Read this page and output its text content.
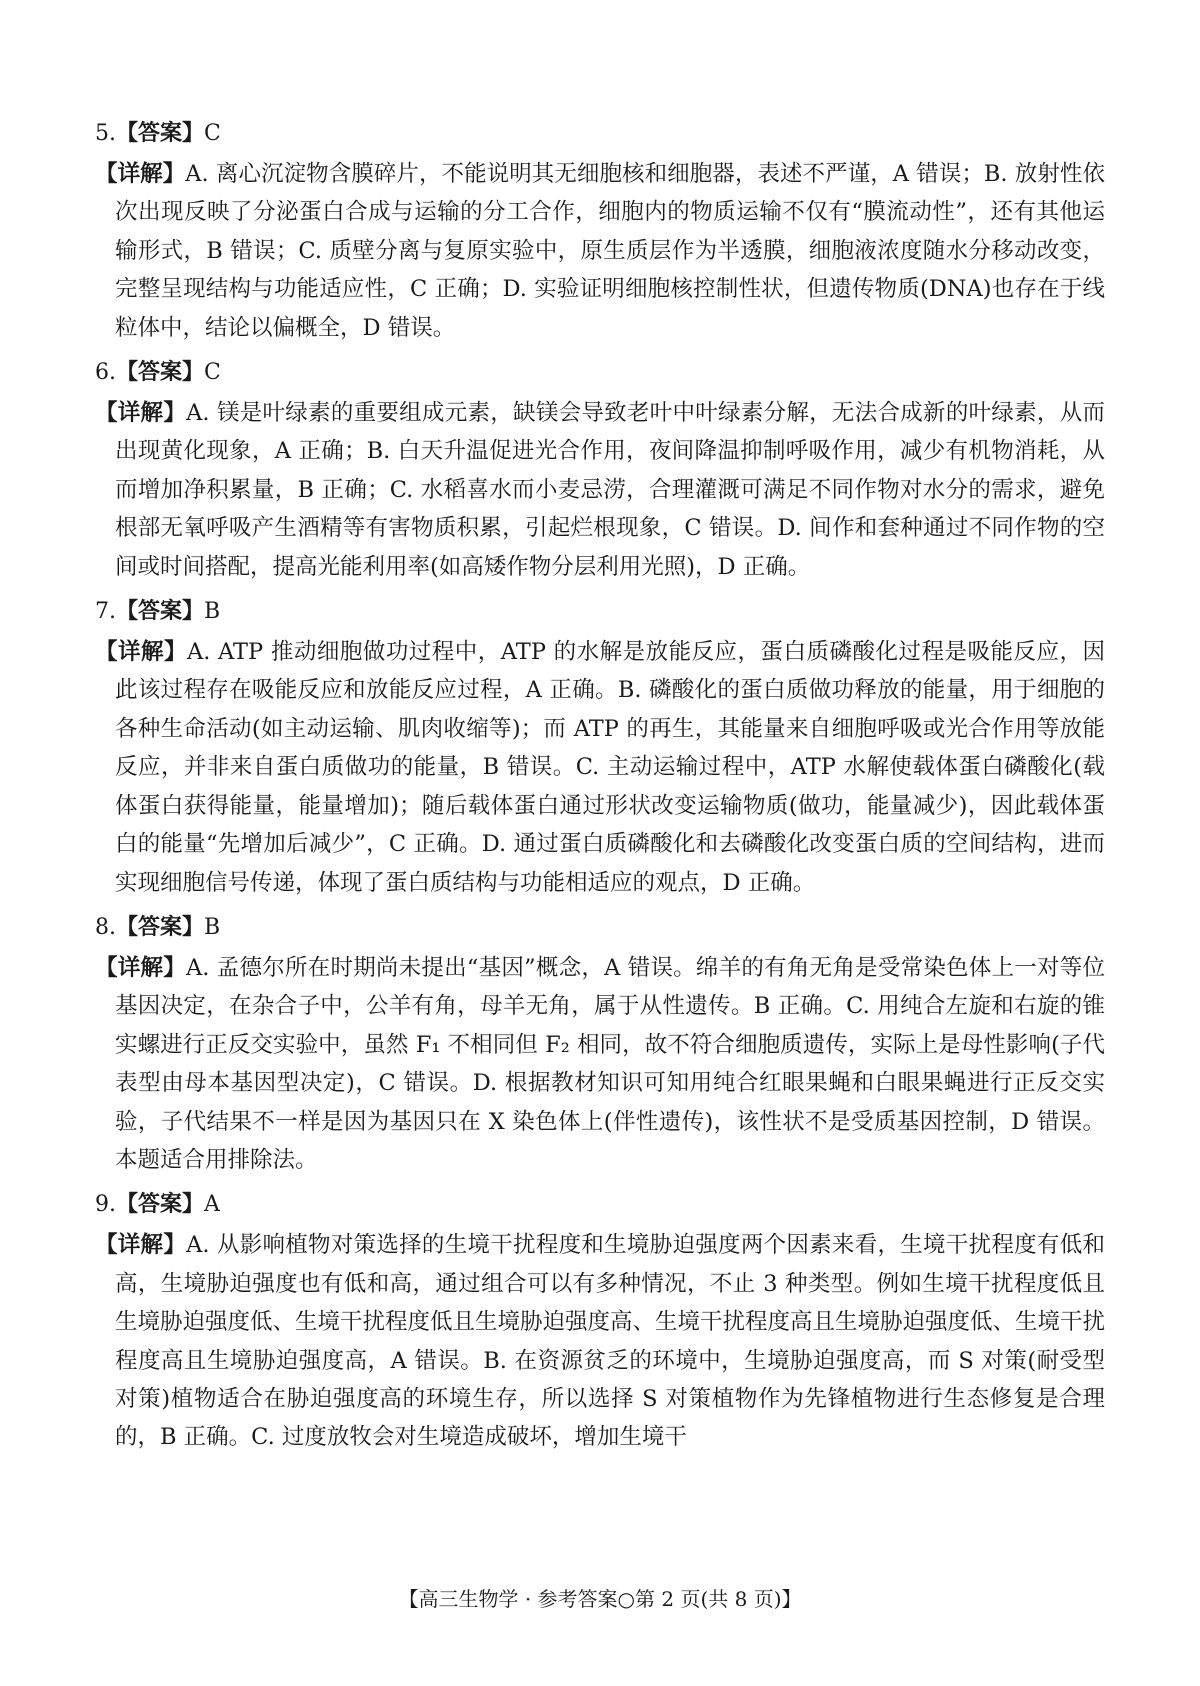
5.【答案】C
【详解】A. 离心沉淀物含膜碎片，不能说明其无细胞核和细胞器，表述不严谨，A 错误；B. 放射性依次出现反映了分泌蛋白合成与运输的分工合作，细胞内的物质运输不仅有“膜流动性”，还有其他运输形式，B 错误；C. 质壁分离与复原实验中，原生质层作为半透膜，细胞液浓度随水分移动改变，完整呈现结构与功能适应性，C 正确；D. 实验证明细胞核控制性状，但遗传物质(DNA)也存在于线粒体中，结论以偏概全，D 错误。
6.【答案】C
【详解】A. 镁是叶绿素的重要组成元素，缺镁会导致老叶中叶绿素分解，无法合成新的叶绿素，从而出现黄化现象，A 正确；B. 白天升温促进光合作用，夜间降温抑制呼吸作用，减少有机物消耗，从而增加净积累量，B 正确；C. 水稻喜水而小麦忌涝，合理灌溉可满足不同作物对水分的需求，避免根部无氧呼吸产生酒精等有害物质积累，引起烂根现象，C 错误。D. 间作和套种通过不同作物的空间或时间搭配，提高光能利用率(如高矮作物分层利用光照)，D 正确。
7.【答案】B
【详解】A. ATP 推动细胞做功过程中，ATP 的水解是放能反应，蛋白质磷酸化过程是吸能反应，因此该过程存在吸能反应和放能反应过程，A 正确。B. 磷酸化的蛋白质做功释放的能量，用于细胞的各种生命活动(如主动运输、肌肉收缩等)；而 ATP 的再生，其能量来自细胞呼吸或光合作用等放能反应，并非来自蛋白质做功的能量，B 错误。C. 主动运输过程中，ATP 水解使载体蛋白磷酸化(载体蛋白获得能量，能量增加)；随后载体蛋白通过形状改变运输物质(做功，能量减少)，因此载体蛋白的能量“先增加后减少”，C 正确。D. 通过蛋白质磷酸化和去磷酸化改变蛋白质的空间结构，进而实现细胞信号传递，体现了蛋白质结构与功能相适应的观点，D 正确。
8.【答案】B
【详解】A. 孟德尔所在时期尚未提出“基因”概念，A 错误。绵羊的有角无角是受常染色体上一对等位基因决定，在杂合子中，公羊有角，母羊无角，属于从性遗传。B 正确。C. 用纯合左旋和右旋的锥实螺进行正反交实验中，虽然 F₁ 不相同但 F₂ 相同，故不符合细胞质遗传，实际上是母性影响(子代表型由母本基因型决定)，C 错误。D. 根据教材知识可知用纯合红眼果蝇和白眼果蝇进行正反交实验，子代结果不一样是因为基因只在 X 染色体上(伴性遗传)，该性状不是受质基因控制，D 错误。本题适合用排除法。
9.【答案】A
【详解】A. 从影响植物对策选择的生境干扰程度和生境胁迫强度两个因素来看，生境干扰程度有低和高，生境胁迫强度也有低和高，通过组合可以有多种情况，不止 3 种类型。例如生境干扰程度低且生境胁迫强度低、生境干扰程度低且生境胁迫强度高、生境干扰程度高且生境胁迫强度低、生境干扰程度高且生境胁迫强度高，A 错误。B. 在资源贫乏的环境中，生境胁迫强度高，而 S 对策(耐受型对策)植物适合在胁迫强度高的环境生存，所以选择 S 对策植物作为先锋植物进行生态修复是合理的，B 正确。C. 过度放牧会对生境造成破坏，增加生境干
【高三生物学 · 参考答案○第 2 页(共 8 页)】
